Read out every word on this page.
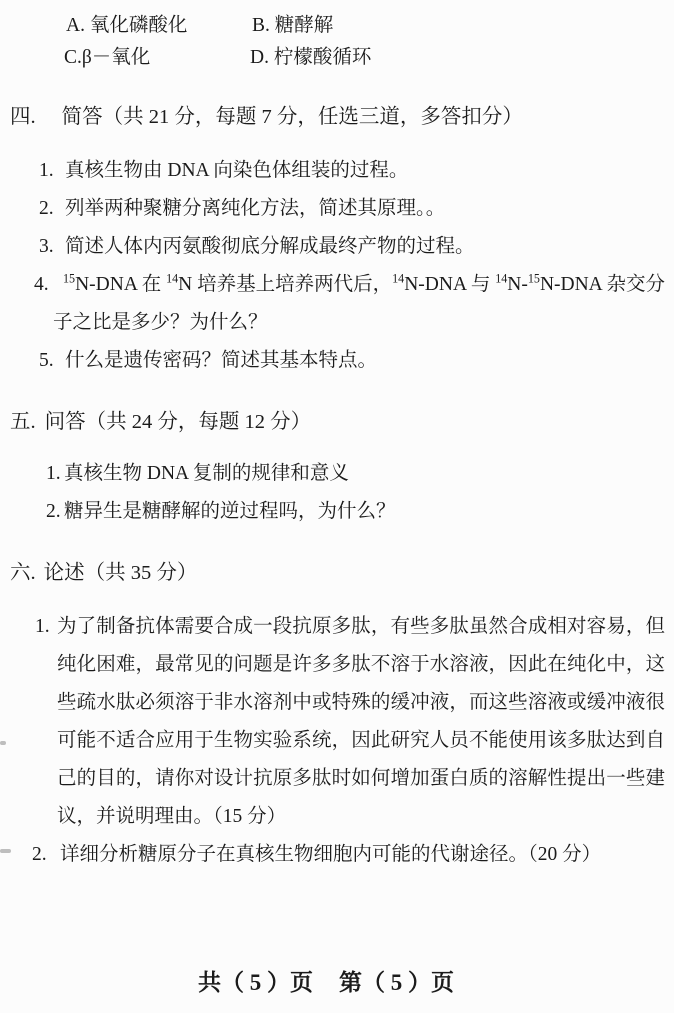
A. 氧化磷酸化	B. 糖酵解
C.β－氧化	D. 柠檬酸循环
四. 简答（共 21 分，每题 7 分，任选三道，多答扣分）
1. 真核生物由 DNA 向染色体组装的过程。
2. 列举两种聚糖分离纯化方法，简述其原理。。
3. 简述人体内丙氨酸彻底分解成最终产物的过程。
4.	$^{15}$N-DNA 在 $^{14}$N 培养基上培养两代后，$^{14}$N-DNA 与 $^{14}$N-$^{15}$N-DNA 杂交分子之比是多少？为什么？
5. 什么是遗传密码？简述其基本特点。
五. 问答（共 24 分，每题 12 分）
1. 真核生物 DNA 复制的规律和意义
2. 糖异生是糖酵解的逆过程吗，为什么？
六. 论述（共 35 分）
1. 为了制备抗体需要合成一段抗原多肽，有些多肽虽然合成相对容易，但纯化困难，最常见的问题是许多多肽不溶于水溶液，因此在纯化中，这些疏水肽必须溶于非水溶剂中或特殊的缓冲液，而这些溶液或缓冲液很可能不适合应用于生物实验系统，因此研究人员不能使用该多肽达到自己的目的，请你对设计抗原多肽时如何增加蛋白质的溶解性提出一些建议，并说明理由。（15 分）
2. 详细分析糖原分子在真核生物细胞内可能的代谢途径。（20 分）
共（ 5 ）页 第（ 5 ）页
